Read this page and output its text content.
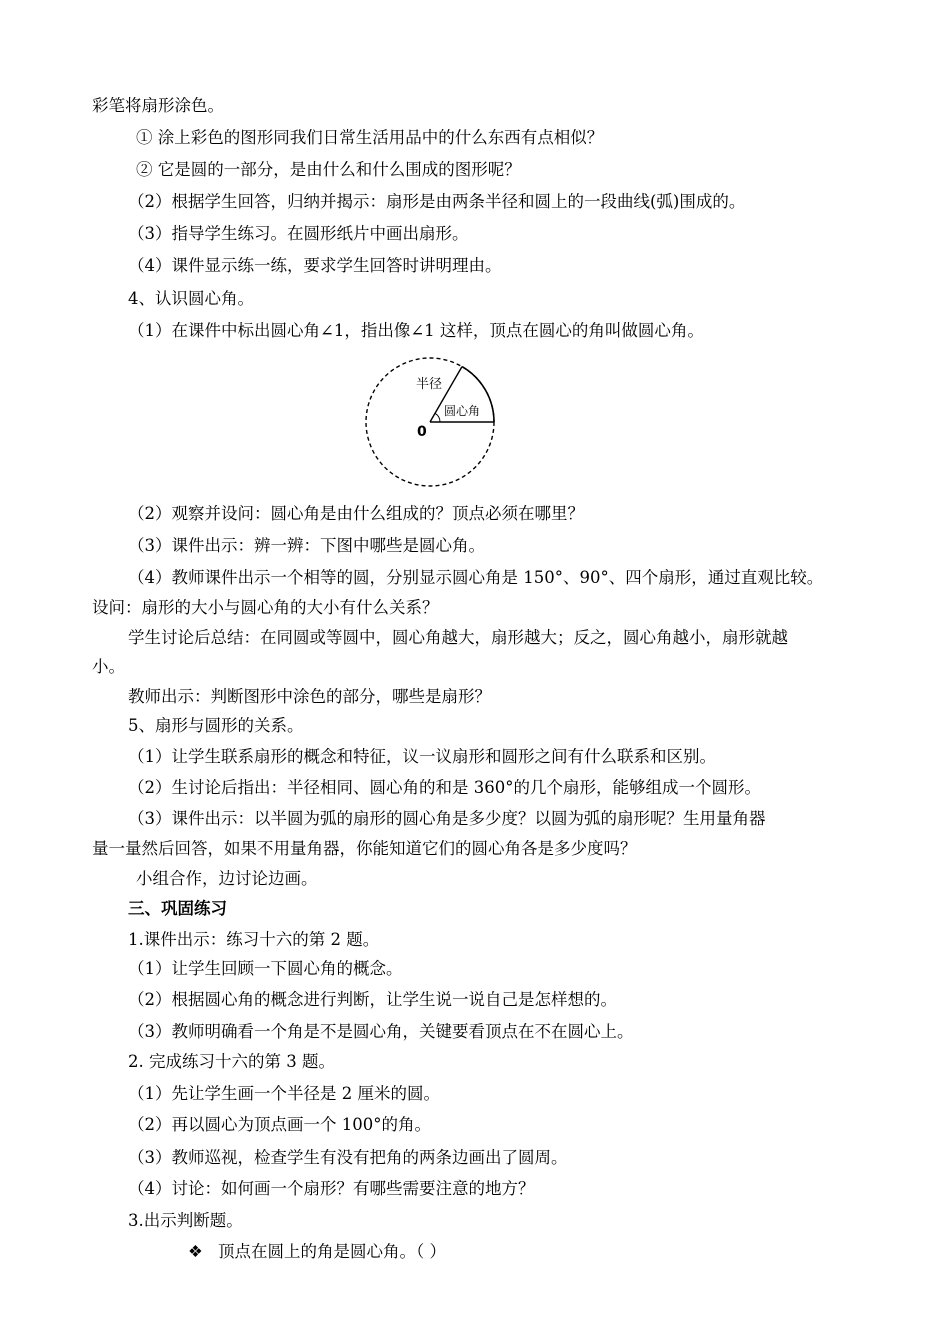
彩笔将扇形涂色。
① 涂上彩色的图形同我们日常生活用品中的什么东西有点相似？
② 它是圆的一部分，是由什么和什么围成的图形呢？
（2）根据学生回答，归纳并揭示：扇形是由两条半径和圆上的一段曲线(弧)围成的。
（3）指导学生练习。在圆形纸片中画出扇形。
（4）课件显示练一练，要求学生回答时讲明理由。
4、认识圆心角。
（1）在课件中标出圆心角∠1，指出像∠1 这样，顶点在圆心的角叫做圆心角。
半径
圆心角
0
（2）观察并设问：圆心角是由什么组成的？顶点必须在哪里？
（3）课件出示：辨一辨：下图中哪些是圆心角。
（4）教师课件出示一个相等的圆，分别显示圆心角是 150°、90°、四个扇形，通过直观比较。
设问：扇形的大小与圆心角的大小有什么关系？
学生讨论后总结：在同圆或等圆中，圆心角越大，扇形越大；反之，圆心角越小，扇形就越
小。
教师出示：判断图形中涂色的部分，哪些是扇形？
5、扇形与圆形的关系。
（1）让学生联系扇形的概念和特征，议一议扇形和圆形之间有什么联系和区别。
（2）生讨论后指出：半径相同、圆心角的和是 360°的几个扇形，能够组成一个圆形。
（3）课件出示：以半圆为弧的扇形的圆心角是多少度？以圆为弧的扇形呢？生用量角器
量一量然后回答，如果不用量角器，你能知道它们的圆心角各是多少度吗？
小组合作，边讨论边画。
三、巩固练习
1.课件出示：练习十六的第 2 题。
（1）让学生回顾一下圆心角的概念。
（2）根据圆心角的概念进行判断，让学生说一说自己是怎样想的。
（3）教师明确看一个角是不是圆心角，关键要看顶点在不在圆心上。
2. 完成练习十六的第 3 题。
（1）先让学生画一个半径是 2 厘米的圆。
（2）再以圆心为顶点画一个 100°的角。
（3）教师巡视，检查学生有没有把角的两条边画出了圆周。
（4）讨论：如何画一个扇形？有哪些需要注意的地方？
3.出示判断题。
❖ 顶点在圆上的角是圆心角。（ ）
